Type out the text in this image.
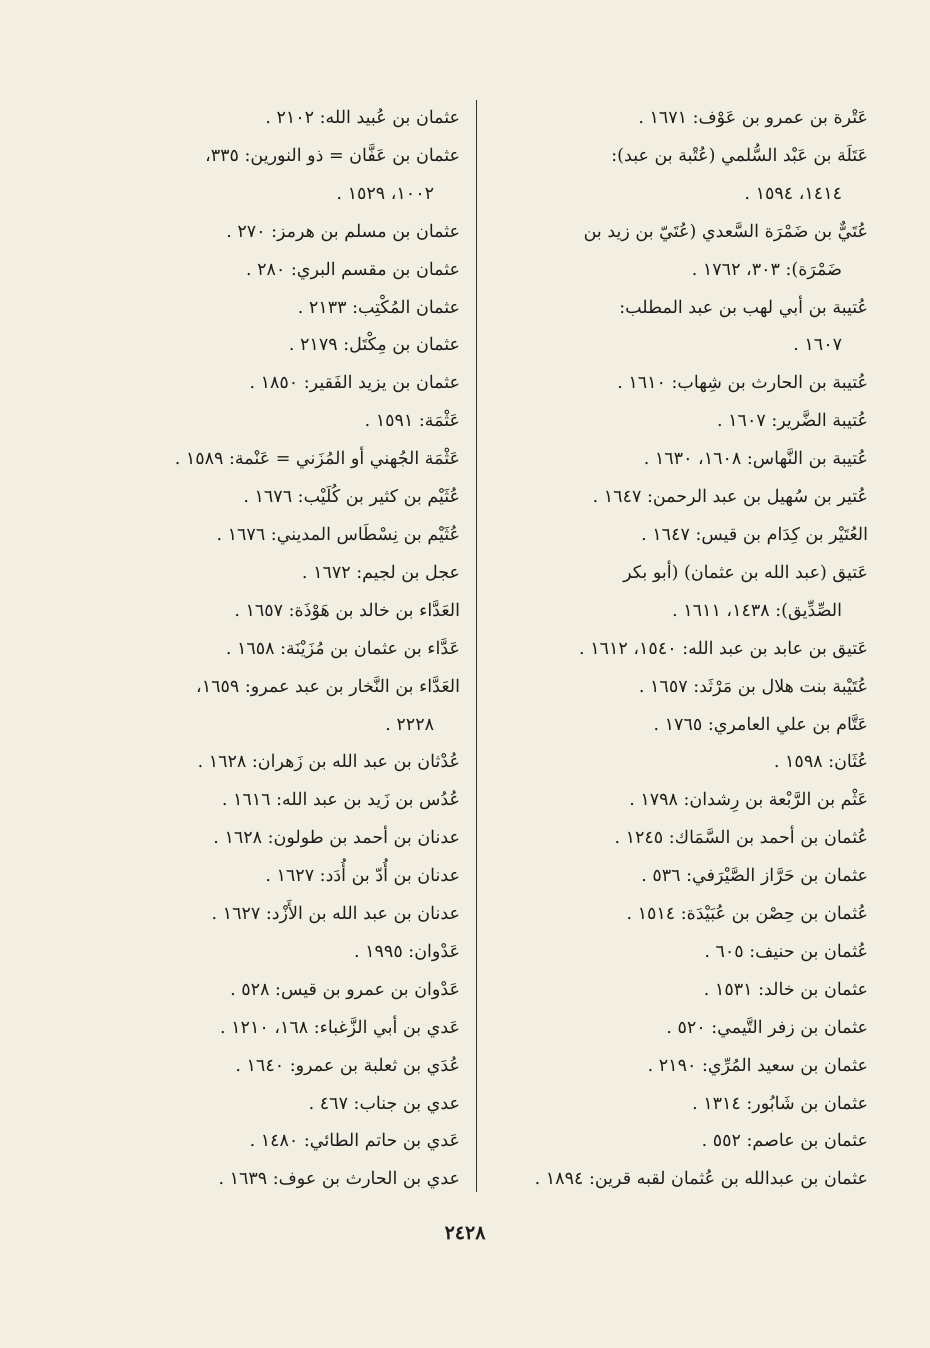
عَتْرة بن عمرو بن عَوْف: ١٦٧١ .
عَتَلَة بن عَبْد السُّلمي (عُتْبة بن عبد):
١٤١٤، ١٥٩٤ .
عُتَيٌّ بن ضَمْرَة السَّعدي (عُتَيّ بن زيد بن
ضَمْرَة): ٣٠٣، ١٧٦٢ .
عُتيبة بن أبي لهب بن عبد المطلب:
١٦٠٧ .
عُتيبة بن الحارث بن شِهاب: ١٦١٠ .
عُتيبة الضَّرير: ١٦٠٧ .
عُتيبة بن النَّهاس: ١٦٠٨، ١٦٣٠ .
عُتير بن سُهيل بن عبد الرحمن: ١٦٤٧ .
العُتَيْر بن كِدَام بن قيس: ١٦٤٧ .
عَتيق (عبد الله بن عثمان) (أبو بكر
الصِّدِّيق): ١٤٣٨، ١٦١١ .
عَتيق بن عابد بن عبد الله: ١٥٤٠، ١٦١٢ .
عُتَيْبة بنت هلال بن مَرْثَد: ١٦٥٧ .
عَتَّام بن علي العامري: ١٧٦٥ .
عُثَان: ١٥٩٨ .
عَثْم بن الرَّبْعة بن رِشدان: ١٧٩٨ .
عُثمان بن أحمد بن السَّمَاك: ١٢٤٥ .
عثمان بن حَرَّاز الصَّيْرَفي: ٥٣٦ .
عُثمان بن حِصْن بن عُبَيْدَة: ١٥١٤ .
عُثمان بن حنيف: ٦٠٥ .
عثمان بن خالد: ١٥٣١ .
عثمان بن زفر التَّيمي: ٥٢٠ .
عثمان بن سعيد المُرِّي: ٢١٩٠ .
عثمان بن شَابُور: ١٣١٤ .
عثمان بن عاصم: ٥٥٢ .
عثمان بن عبدالله بن عُثمان لقبه قرين: ١٨٩٤ .
عثمان بن عُبيد الله: ٢١٠٢ .
عثمان بن عَفَّان = ذو النورين: ٣٣٥،
١٠٠٢، ١٥٢٩ .
عثمان بن مسلم بن هرمز: ٢٧٠ .
عثمان بن مقسم البري: ٢٨٠ .
عثمان المُكْتِب: ٢١٣٣ .
عثمان بن مِكْتَل: ٢١٧٩ .
عثمان بن يزيد الفَقير: ١٨٥٠ .
عَثْمَة: ١٥٩١ .
عَثْمَة الجُهني أو المُزَني = عَنْمة: ١٥٨٩ .
عُثَيْم بن كثير بن كُلَيْب: ١٦٧٦ .
عُثَيْم بن نِسْطَاس المديني: ١٦٧٦ .
عجل بن لجيم: ١٦٧٢ .
العَدَّاء بن خالد بن هَوْذَة: ١٦٥٧ .
عَدَّاء بن عثمان بن مُزَيْنَة: ١٦٥٨ .
العَدَّاء بن النَّخار بن عبد عمرو: ١٦٥٩،
٢٢٢٨ .
عُدْثان بن عبد الله بن زَهران: ١٦٢٨ .
عُدُس بن زَيد بن عبد الله: ١٦١٦ .
عدنان بن أحمد بن طولون: ١٦٢٨ .
عدنان بن أُدّ بن أُدَد: ١٦٢٧ .
عدنان بن عبد الله بن الأَزْد: ١٦٢٧ .
عَدْوان: ١٩٩٥ .
عَدْوان بن عمرو بن قيس: ٥٢٨ .
عَدي بن أبي الزَّغباء: ١٦٨، ١٢١٠ .
عُدَي بن ثعلبة بن عمرو: ١٦٤٠ .
عدي بن جناب: ٤٦٧ .
عَدي بن حاتم الطائي: ١٤٨٠ .
عدي بن الحارث بن عوف: ١٦٣٩ .
٢٤٢٨
